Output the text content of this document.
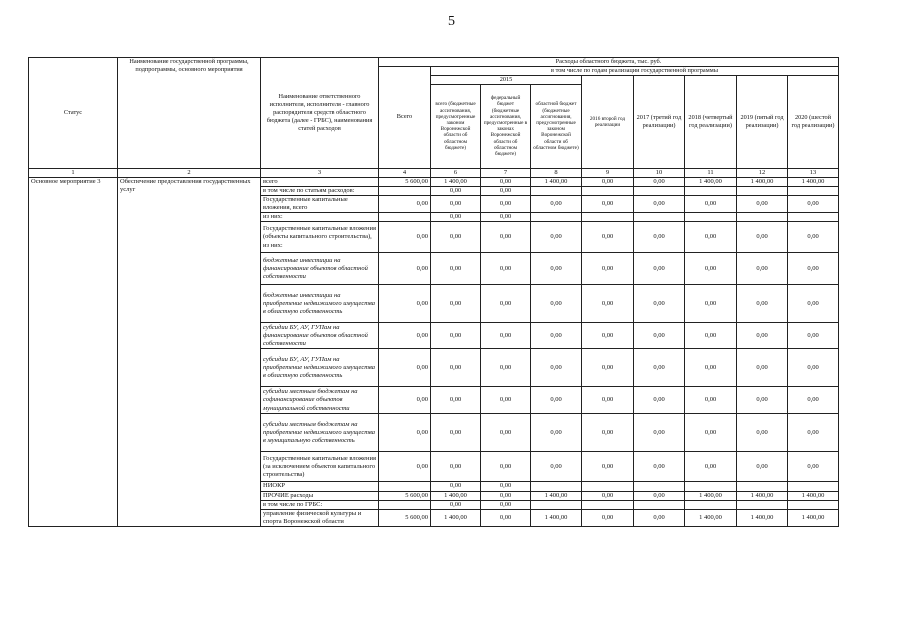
5
Статус	Наименование государственной программы, подпрограммы, основного мероприятия	Наименование ответственного исполнителя, исполнителя - главного распорядителя средств областного бюджета (далее - ГРБС), наименования статей расходов	Расходы областного бюджета, тыс. руб.								
			Всего	в том числе по годам реализации государственной программы							
				2015			2016 второй год реализации	2017 (третий год реализации)	2018 (четвертый год реализации)	2019 (пятый год реализации)	2020 (шестой год реализации)
				всего (бюджетные ассигнования, предусмотренные законом Воронежской области об областном бюджете)	федеральный бюджет (бюджетные ассигнования, предусмотренные в законах Воронежской области об областном бюджете)	областной бюджет (бюджетные ассигнования, предусмотренные законом Воронежской области об областном бюджете)					
1	2	3	4	6	7	8	9	10	11	12	13
Основное мероприятие 3	Обеспечение предоставления государственных услуг	всего	5 600,00	1 400,00	0,00	1 400,00	0,00	0,00	1 400,00	1 400,00	1 400,00
		в том числе по статьям расходов:		0,00	0,00						
		Государственные капитальные вложения, всего	0,00	0,00	0,00	0,00	0,00	0,00	0,00	0,00	0,00
		из них:		0,00	0,00						
		Государственные капитальные вложения (объекты капитального строительства), из них:	0,00	0,00	0,00	0,00	0,00	0,00	0,00	0,00	0,00
		бюджетные инвестиции на финансирование объектов областной собственности	0,00	0,00	0,00	0,00	0,00	0,00	0,00	0,00	0,00
		бюджетные инвестиции на приобретение недвижимого имущества в областную собственность	0,00	0,00	0,00	0,00	0,00	0,00	0,00	0,00	0,00
		субсидии БУ, АУ, ГУПам на финансирование объектов областной собственности	0,00	0,00	0,00	0,00	0,00	0,00	0,00	0,00	0,00
		субсидии БУ, АУ, ГУПам на приобретение недвижимого имущества в областную собственность	0,00	0,00	0,00	0,00	0,00	0,00	0,00	0,00	0,00
		субсидии местным бюджетам на софинансирование объектов муниципальной собственности	0,00	0,00	0,00	0,00	0,00	0,00	0,00	0,00	0,00
		субсидии местным бюджетам на приобретение недвижимого имущества в муниципальную собственность	0,00	0,00	0,00	0,00	0,00	0,00	0,00	0,00	0,00
		Государственные капитальные вложения (за исключением объектов капитального строительства)	0,00	0,00	0,00	0,00	0,00	0,00	0,00	0,00	0,00
		НИОКР		0,00	0,00						
		ПРОЧИЕ расходы	5 600,00	1 400,00	0,00	1 400,00	0,00	0,00	1 400,00	1 400,00	1 400,00
		в том числе по ГРБС:		0,00	0,00						
		управление физической культуры и спорта Воронежской области	5 600,00	1 400,00	0,00	1 400,00	0,00	0,00	1 400,00	1 400,00	1 400,00
